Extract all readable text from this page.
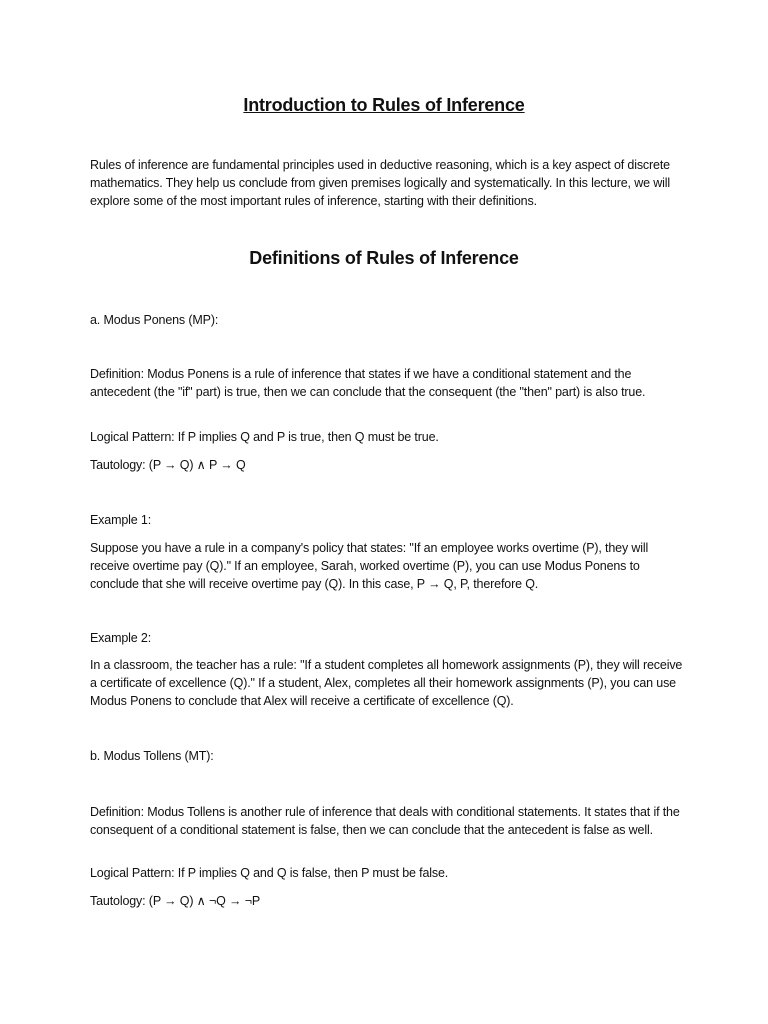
Introduction to Rules of Inference
Rules of inference are fundamental principles used in deductive reasoning, which is a key aspect of discrete mathematics. They help us conclude from given premises logically and systematically. In this lecture, we will explore some of the most important rules of inference, starting with their definitions.
Definitions of Rules of Inference
a. Modus Ponens (MP):
Definition: Modus Ponens is a rule of inference that states if we have a conditional statement and the antecedent (the "if" part) is true, then we can conclude that the consequent (the "then" part) is also true.
Logical Pattern: If P implies Q and P is true, then Q must be true.
Tautology: (P → Q) ∧ P → Q
Example 1:
Suppose you have a rule in a company's policy that states: "If an employee works overtime (P), they will receive overtime pay (Q)." If an employee, Sarah, worked overtime (P), you can use Modus Ponens to conclude that she will receive overtime pay (Q). In this case, P → Q, P, therefore Q.
Example 2:
In a classroom, the teacher has a rule: "If a student completes all homework assignments (P), they will receive a certificate of excellence (Q)." If a student, Alex, completes all their homework assignments (P), you can use Modus Ponens to conclude that Alex will receive a certificate of excellence (Q).
b. Modus Tollens (MT):
Definition: Modus Tollens is another rule of inference that deals with conditional statements. It states that if the consequent of a conditional statement is false, then we can conclude that the antecedent is false as well.
Logical Pattern: If P implies Q and Q is false, then P must be false.
Tautology: (P → Q) ∧ ¬Q → ¬P
